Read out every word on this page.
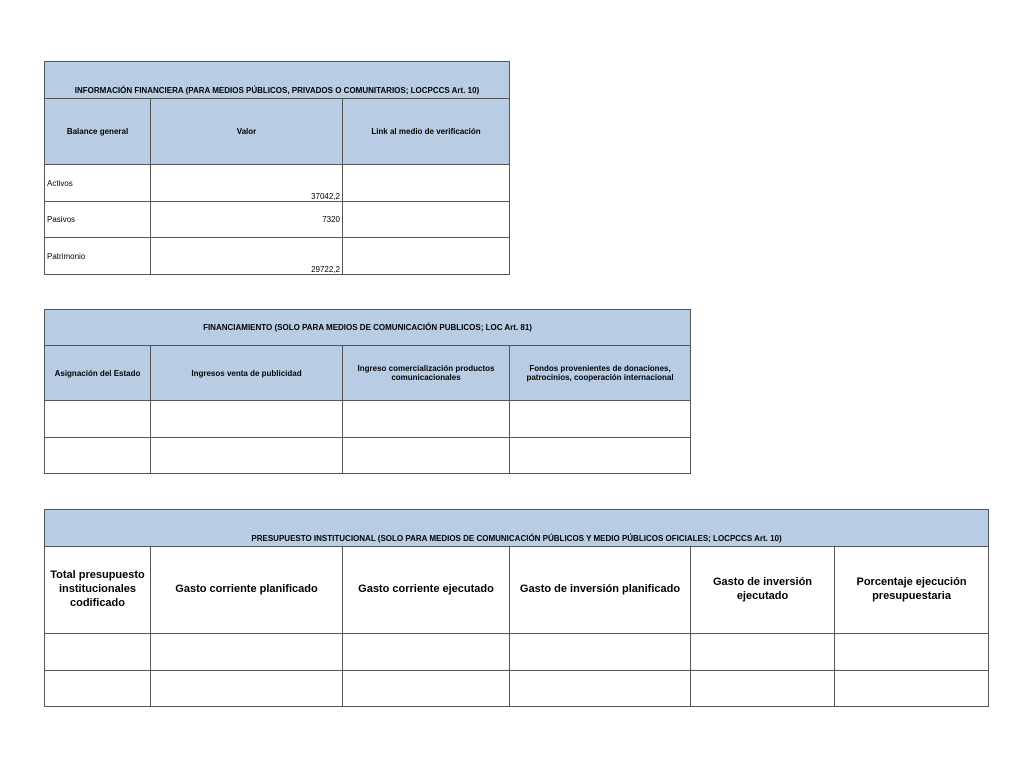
INFORMACIÓN FINANCIERA (PARA MEDIOS PÚBLICOS, PRIVADOS O COMUNITARIOS; LOCPCCS Art. 10)		
Balance general	Valor	Link al medio de verificación
Activos	37042,2	
Pasivos	7320	
Patrimonio	29722,2	
FINANCIAMIENTO (SOLO PARA MEDIOS DE COMUNICACIÓN PUBLICOS; LOC Art. 81)			
Asignación del Estado	Ingresos venta de publicidad	Ingreso comercialización productos comunicacionales	Fondos provenientes de donaciones, patrocinios, cooperación internacional

PRESUPUESTO INSTITUCIONAL (SOLO PARA MEDIOS DE COMUNICACIÓN PÚBLICOS Y MEDIO PÚBLICOS OFICIALES; LOCPCCS Art. 10)					
Total presupuesto institucionales codificado	Gasto corriente planificado	Gasto corriente ejecutado	Gasto de inversión planificado	Gasto de inversión ejecutado	Porcentaje ejecución presupuestaria
